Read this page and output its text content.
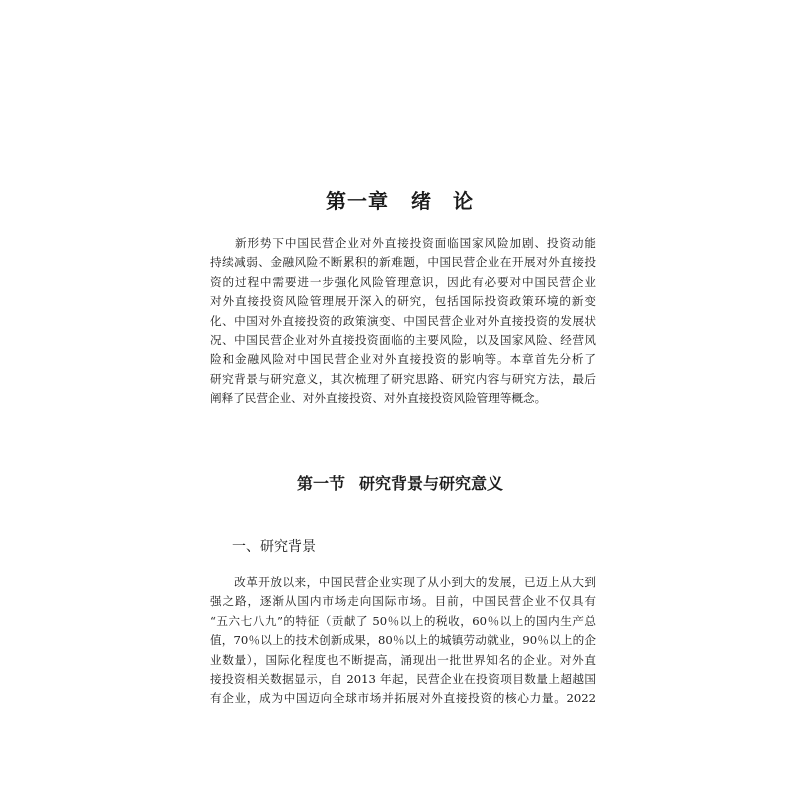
第一章 绪　论
　　新形势下中国民营企业对外直接投资面临国家风险加剧、投资动能
持续减弱、金融风险不断累积的新难题，中国民营企业在开展对外直接投
资的过程中需要进一步强化风险管理意识，因此有必要对中国民营企业
对外直接投资风险管理展开深入的研究，包括国际投资政策环境的新变
化、中国对外直接投资的政策演变、中国民营企业对外直接投资的发展状
况、中国民营企业对外直接投资面临的主要风险，以及国家风险、经营风
险和金融风险对中国民营企业对外直接投资的影响等。本章首先分析了
研究背景与研究意义，其次梳理了研究思路、研究内容与研究方法，最后
阐释了民营企业、对外直接投资、对外直接投资风险管理等概念。
第一节 研究背景与研究意义
一、研究背景
　　改革开放以来，中国民营企业实现了从小到大的发展，已迈上从大到
强之路，逐渐从国内市场走向国际市场。目前，中国民营企业不仅具有
“五六七八九”的特征（贡献了 50％以上的税收，60％以上的国内生产总
值，70％以上的技术创新成果，80％以上的城镇劳动就业，90％以上的企
业数量），国际化程度也不断提高，涌现出一批世界知名的企业。对外直
接投资相关数据显示，自 2013 年起，民营企业在投资项目数量上超越国
有企业，成为中国迈向全球市场并拓展对外直接投资的核心力量。2022
